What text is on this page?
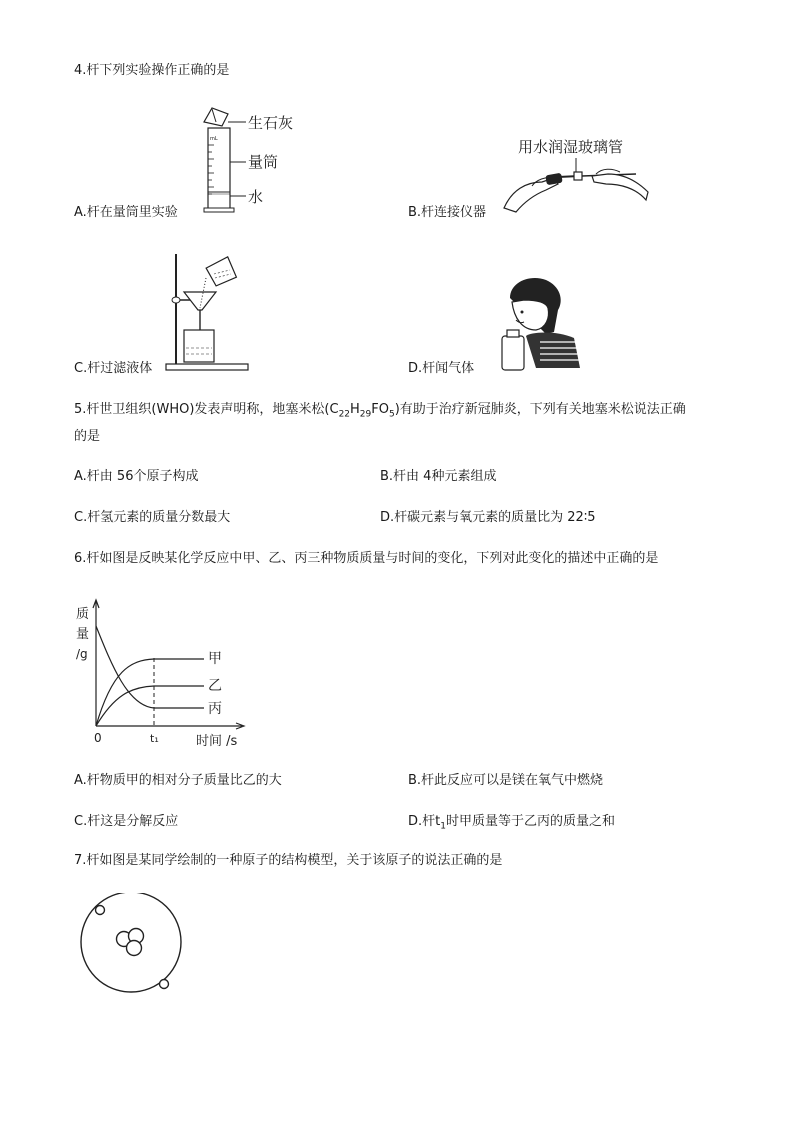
4.杆下列实验操作正确的是
mL
生石灰
量筒
水
A.杆在量筒里实验
用水润湿玻璃管
B.杆连接仪器
C.杆过滤液体	D.杆闻气体
5.杆世卫组织(WHO)发表声明称，地塞米松$(C_{22}H_{29}FO_5)$有助于治疗新冠肺炎，下列有关地塞米松说法正确
的是
A.杆由 56个原子构成	B.杆由 4种元素组成
C.杆氢元素的质量分数最大	D.杆碳元素与氧元素的质量比为 22∶5
6.杆如图是反映某化学反应中甲、乙、丙三种物质质量与时间的变化，下列对此变化的描述中正确的是
质
量
/g	甲
乙
丙
0	t₁	时间 /s
A.杆物质甲的相对分子质量比乙的大	B.杆此反应可以是镁在氧气中燃烧
C.杆这是分解反应	D.杆$t_1$时甲质量等于乙丙的质量之和
7.杆如图是某同学绘制的一种原子的结构模型，关于该原子的说法正确的是
